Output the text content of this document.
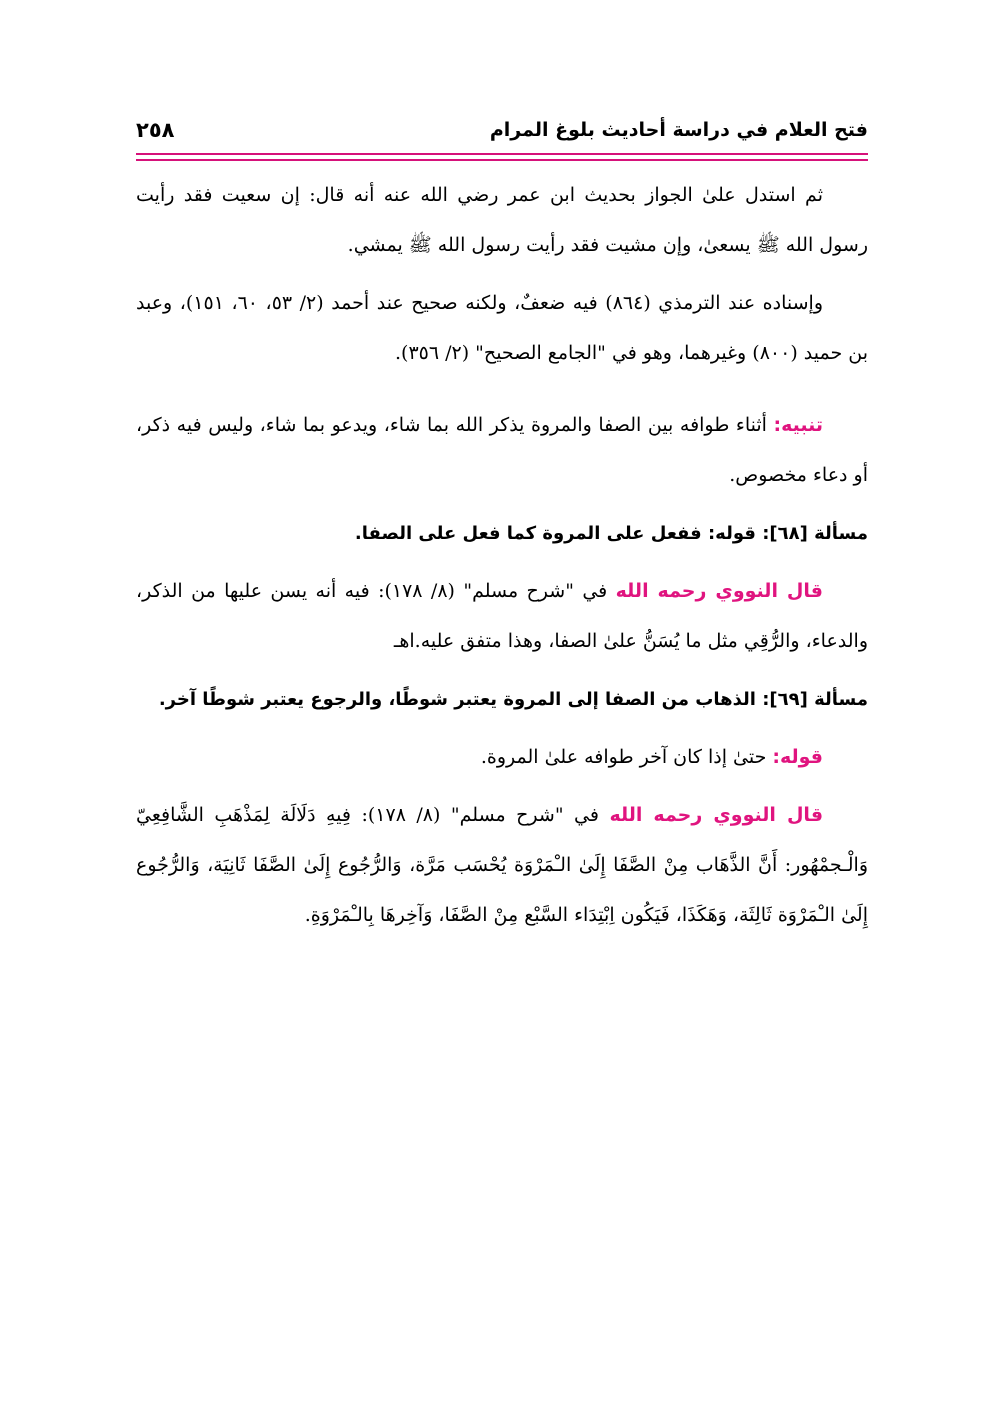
٢٥٨	فتح العلام في دراسة أحاديث بلوغ المرام

ثم استدل علىٰ الجواز بحديث ابن عمر رضي الله عنه أنه قال: إن سعيت فقد رأيت رسول الله ﷺ يسعىٰ، وإن مشيت فقد رأيت رسول الله ﷺ يمشي.

وإسناده عند الترمذي (٨٦٤) فيه ضعفٌ، ولكنه صحيح عند أحمد (٢/ ٥٣، ٦٠، ١٥١)، وعبد بن حميد (٨٠٠) وغيرهما، وهو في "الجامع الصحيح" (٢/ ٣٥٦).

تنبيه: أثناء طوافه بين الصفا والمروة يذكر الله بما شاء، ويدعو بما شاء، وليس فيه ذكر، أو دعاء مخصوص.

مسألة [٦٨]: قوله: ففعل على المروة كما فعل على الصفا.

قال النووي رحمه الله في "شرح مسلم" (٨/ ١٧٨): فيه أنه يسن عليها من الذكر، والدعاء، والرُّقِي مثل ما يُسَنُّ علىٰ الصفا، وهذا متفق عليه.اهـ

مسألة [٦٩]: الذهاب من الصفا إلى المروة يعتبر شوطًا، والرجوع يعتبر شوطًا آخر.

قوله: حتىٰ إذا كان آخر طوافه علىٰ المروة.

قال النووي رحمه الله في "شرح مسلم" (٨/ ١٧٨): فِيهِ دَلَالَة لِمَذْهَبِ الشَّافِعِيّ وَالْـجمْهُور: أَنَّ الذَّهَاب مِنْ الصَّفَا إِلَىٰ الـْمَرْوَة يُحْسَب مَرَّة، وَالرُّجُوع إِلَىٰ الصَّفَا ثَانِيَة، وَالرُّجُوع إِلَىٰ الـْمَرْوَة ثَالِثَة، وَهَكَذَا، فَيَكُون اِبْتِدَاء السَّبْع مِنْ الصَّفَا، وَآخِرهَا بِالـْمَرْوَةِ.
